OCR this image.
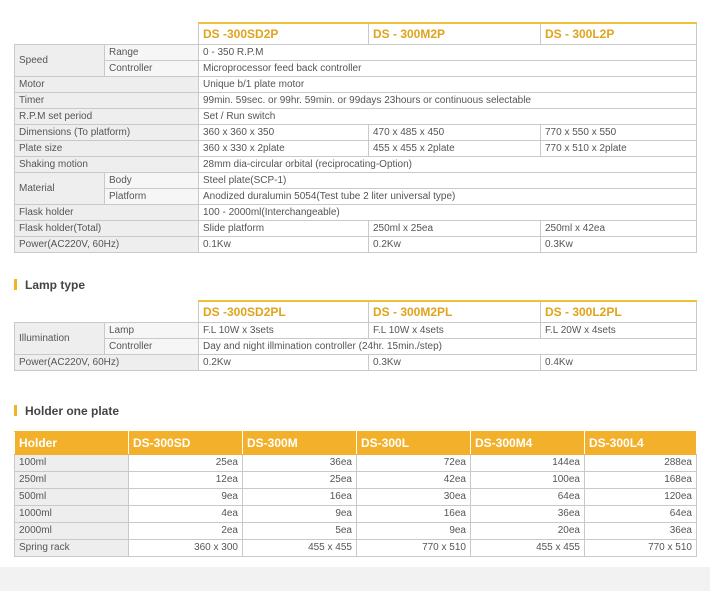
		DS -300SD2P	DS - 300M2P	DS - 300L2P
Speed	Range	0 - 350 R.P.M		
	Controller	Microprocessor feed back controller		
Motor		Unique b/1 plate motor		
Timer		99min. 59sec. or 99hr. 59min. or 99days 23hours or continuous selectable		
R.P.M set period		Set / Run switch		
Dimensions (To platform)		360 x 360 x 350	470 x 485 x 450	770 x 550 x 550
Plate size		360 x 330 x 2plate	455 x 455 x 2plate	770 x 510 x 2plate
Shaking motion		28mm dia-circular orbital (reciprocating-Option)		
Material	Body	Steel plate(SCP-1)		
	Platform	Anodized duralumin 5054(Test tube 2 liter universal type)		
Flask holder		100 - 2000ml(Interchangeable)		
Flask holder(Total)		Slide platform	250ml x 25ea	250ml x 42ea
Power(AC220V, 60Hz)		0.1Kw	0.2Kw	0.3Kw
Lamp type
		DS -300SD2PL	DS - 300M2PL	DS - 300L2PL
Illumination	Lamp	F.L 10W x 3sets	F.L 10W x 4sets	F.L 20W x 4sets
	Controller	Day and night illmination controller (24hr. 15min./step)		
Power(AC220V, 60Hz)		0.2Kw	0.3Kw	0.4Kw
Holder one plate
Holder	DS-300SD	DS-300M	DS-300L	DS-300M4	DS-300L4
100ml	25ea	36ea	72ea	144ea	288ea
250ml	12ea	25ea	42ea	100ea	168ea
500ml	9ea	16ea	30ea	64ea	120ea
1000ml	4ea	9ea	16ea	36ea	64ea
2000ml	2ea	5ea	9ea	20ea	36ea
Spring rack	360 x 300	455 x 455	770 x 510	455 x 455	770 x 510
